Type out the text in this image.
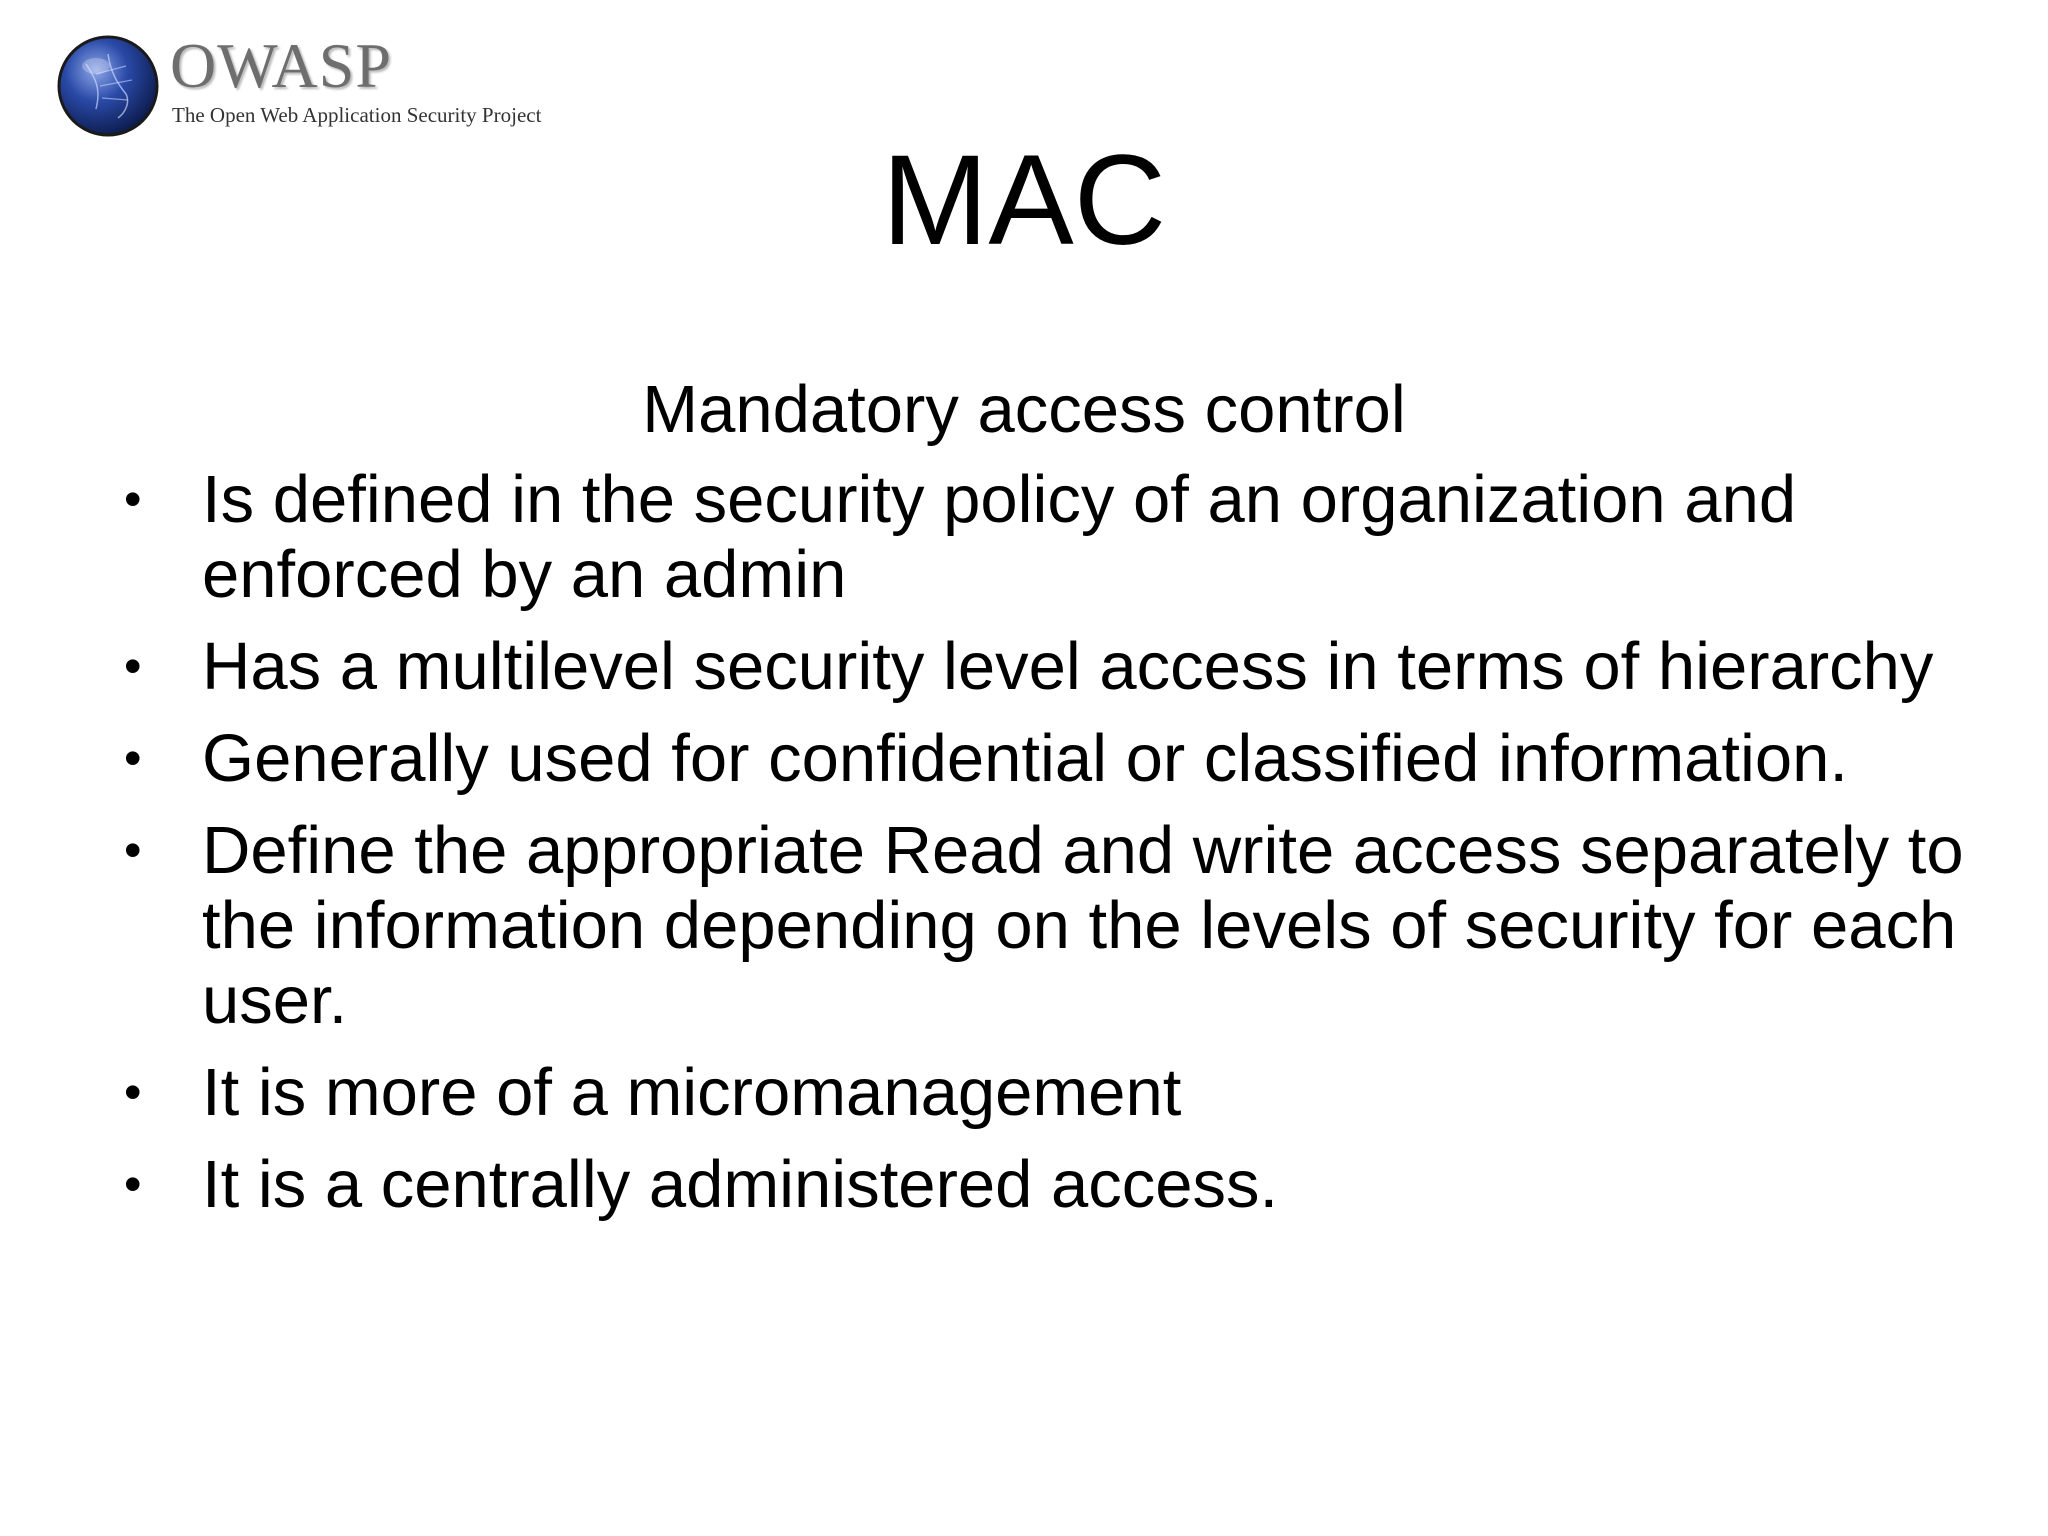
OWASP
The Open Web Application Security Project
MAC

Mandatory access control

• Is defined in the security policy of an organization and enforced by an admin
• Has a multilevel security level access in terms of hierarchy
• Generally used for confidential or classified information.
• Define the appropriate Read and write access separately to the information depending on the levels of security for each user.
• It is more of a micromanagement
• It is a centrally administered access.
